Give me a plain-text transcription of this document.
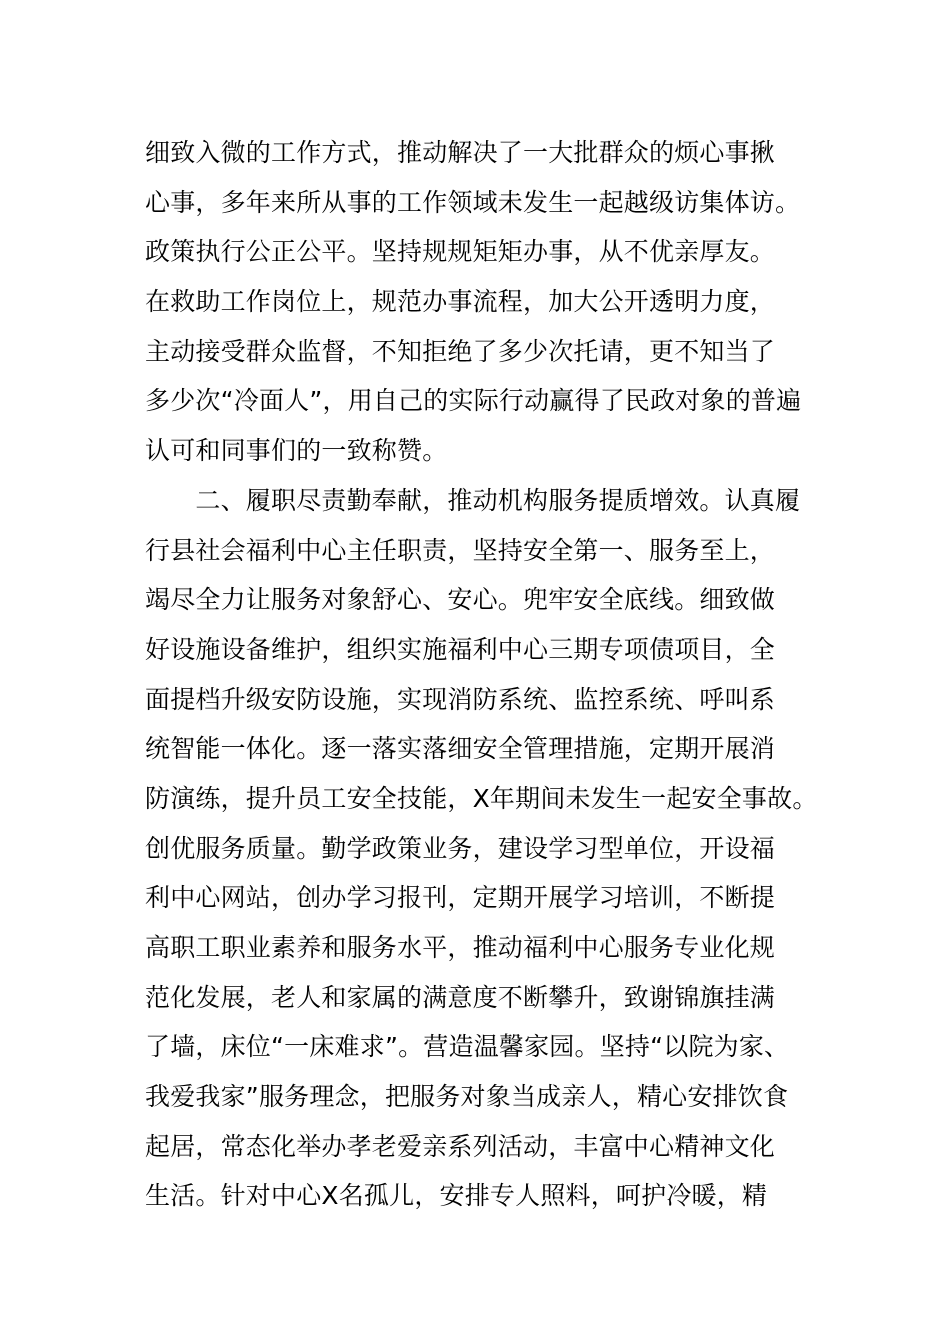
细致入微的工作方式，推动解决了一大批群众的烦心事揪
心事，多年来所从事的工作领域未发生一起越级访集体访。
政策执行公正公平。坚持规规矩矩办事，从不优亲厚友。
在救助工作岗位上，规范办事流程，加大公开透明力度，
主动接受群众监督，不知拒绝了多少次托请，更不知当了
多少次“冷面人”，用自己的实际行动赢得了民政对象的普遍
认可和同事们的一致称赞。
　　二、履职尽责勤奉献，推动机构服务提质增效。认真履
行县社会福利中心主任职责，坚持安全第一、服务至上，
竭尽全力让服务对象舒心、安心。兜牢安全底线。细致做
好设施设备维护，组织实施福利中心三期专项债项目，全
面提档升级安防设施，实现消防系统、监控系统、呼叫系
统智能一体化。逐一落实落细安全管理措施，定期开展消
防演练，提升员工安全技能，X年期间未发生一起安全事故。
创优服务质量。勤学政策业务，建设学习型单位，开设福
利中心网站，创办学习报刊，定期开展学习培训，不断提
高职工职业素养和服务水平，推动福利中心服务专业化规
范化发展，老人和家属的满意度不断攀升，致谢锦旗挂满
了墙，床位“一床难求”。营造温馨家园。坚持“以院为家、
我爱我家”服务理念，把服务对象当成亲人，精心安排饮食
起居，常态化举办孝老爱亲系列活动，丰富中心精神文化
生活。针对中心X名孤儿，安排专人照料，呵护冷暖，精
